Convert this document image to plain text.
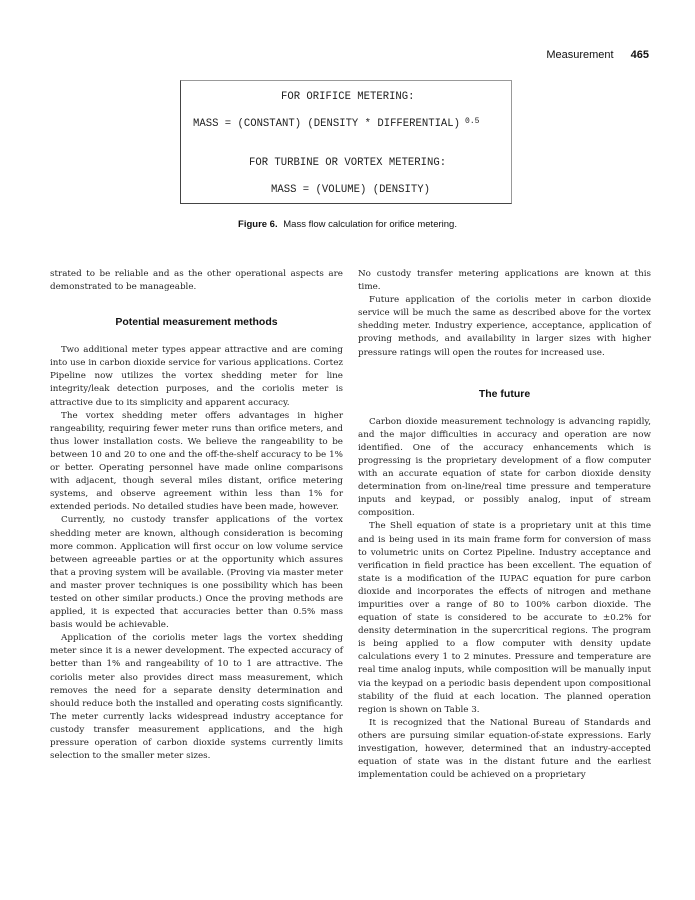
Measurement 465
FOR ORIFICE METERING:
MASS = (CONSTANT) (DENSITY * DIFFERENTIAL) $^{0.5}$
FOR TURBINE OR VORTEX METERING:
MASS = (VOLUME) (DENSITY)
Figure 6. Mass flow calculation for orifice metering.

strated to be reliable and as the other operational aspects are demonstrated to be manageable.

Potential measurement methods

Two additional meter types appear attractive and are coming into use in carbon dioxide service for various applications. Cortez Pipeline now utilizes the vortex shedding meter for line integrity/leak detection purposes, and the coriolis meter is attractive due to its simplicity and apparent accuracy.

The vortex shedding meter offers advantages in higher rangeability, requiring fewer meter runs than orifice meters, and thus lower installation costs. We believe the rangeability to be between 10 and 20 to one and the off-the-shelf accuracy to be 1% or better. Operating personnel have made online comparisons with adjacent, though several miles distant, orifice metering systems, and observe agreement within less than 1% for extended periods. No detailed studies have been made, however.

Currently, no custody transfer applications of the vortex shedding meter are known, although consideration is becoming more common. Application will first occur on low volume service between agreeable parties or at the opportunity which assures that a proving system will be available. (Proving via master meter and master prover techniques is one possibility which has been tested on other similar products.) Once the proving methods are applied, it is expected that accuracies better than 0.5% mass basis would be achievable.

Application of the coriolis meter lags the vortex shedding meter since it is a newer development. The expected accuracy of better than 1% and rangeability of 10 to 1 are attractive. The coriolis meter also provides direct mass measurement, which removes the need for a separate density determination and should reduce both the installed and operating costs significantly. The meter currently lacks widespread industry acceptance for custody transfer measurement applications, and the high pressure operation of carbon dioxide systems currently limits selection to the smaller meter sizes.

No custody transfer metering applications are known at this time.

Future application of the coriolis meter in carbon dioxide service will be much the same as described above for the vortex shedding meter. Industry experience, acceptance, application of proving methods, and availability in larger sizes with higher pressure ratings will open the routes for increased use.

The future

Carbon dioxide measurement technology is advancing rapidly, and the major difficulties in accuracy and operation are now identified. One of the accuracy enhancements which is progressing is the proprietary development of a flow computer with an accurate equation of state for carbon dioxide density determination from on-line/real time pressure and temperature inputs and keypad, or possibly analog, input of stream composition.

The Shell equation of state is a proprietary unit at this time and is being used in its main frame form for conversion of mass to volumetric units on Cortez Pipeline. Industry acceptance and verification in field practice has been excellent. The equation of state is a modification of the IUPAC equation for pure carbon dioxide and incorporates the effects of nitrogen and methane impurities over a range of 80 to 100% carbon dioxide. The equation of state is considered to be accurate to ±0.2% for density determination in the supercritical regions. The program is being applied to a flow computer with density update calculations every 1 to 2 minutes. Pressure and temperature are real time analog inputs, while composition will be manually input via the keypad on a periodic basis dependent upon compositional stability of the fluid at each location. The planned operation region is shown on Table 3.

It is recognized that the National Bureau of Standards and others are pursuing similar equation-of-state expressions. Early investigation, however, determined that an industry-accepted equation of state was in the distant future and the earliest implementation could be achieved on a proprietary
